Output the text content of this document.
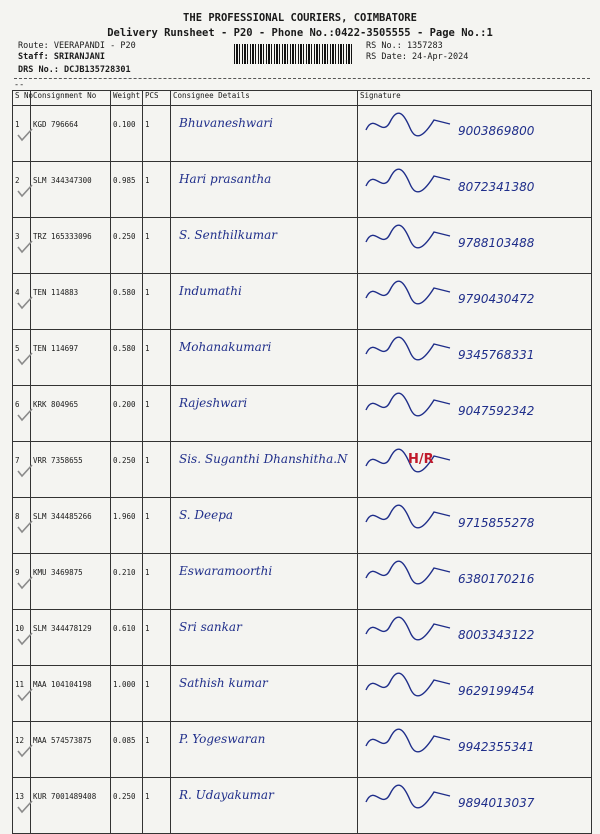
THE PROFESSIONAL COURIERS, COIMBATORE
Delivery Runsheet - P20 - Phone No.:0422-3505555 - Page No.:1
Route: VEERAPANDI - P20
Staff: SRIRANJANI
DRS No.: DCJB135728301
RS No.: 1357283
RS Date: 24-Apr-2024
--
S No	Consignment No	Weight	PCS	Consignee Details	Signature
1	KGD 796664	0.100	1	Bhuvaneshwari	9003869800

2	SLM 344347300	0.985	1	Hari prasantha	8072341380

3	TRZ 165333096	0.250	1	S. Senthilkumar	9788103488

4	TEN 114883	0.580	1	Indumathi	9790430472

5	TEN 114697	0.580	1	Mohanakumari	9345768331

6	KRK 804965	0.200	1	Rajeshwari	9047592342

7	VRR 7358655	0.250	1	Sis. Suganthi Dhanshitha.N	H/R

8	SLM 344485266	1.960	1	S. Deepa	9715855278

9	KMU 3469875	0.210	1	Eswaramoorthi	6380170216

10	SLM 344478129	0.610	1	Sri sankar	8003343122

11	MAA 104104198	1.000	1	Sathish kumar	9629199454

12	MAA 574573875	0.085	1	P. Yogeswaran	9942355341

13	KUR 7001489408	0.250	1	R. Udayakumar	9894013037
